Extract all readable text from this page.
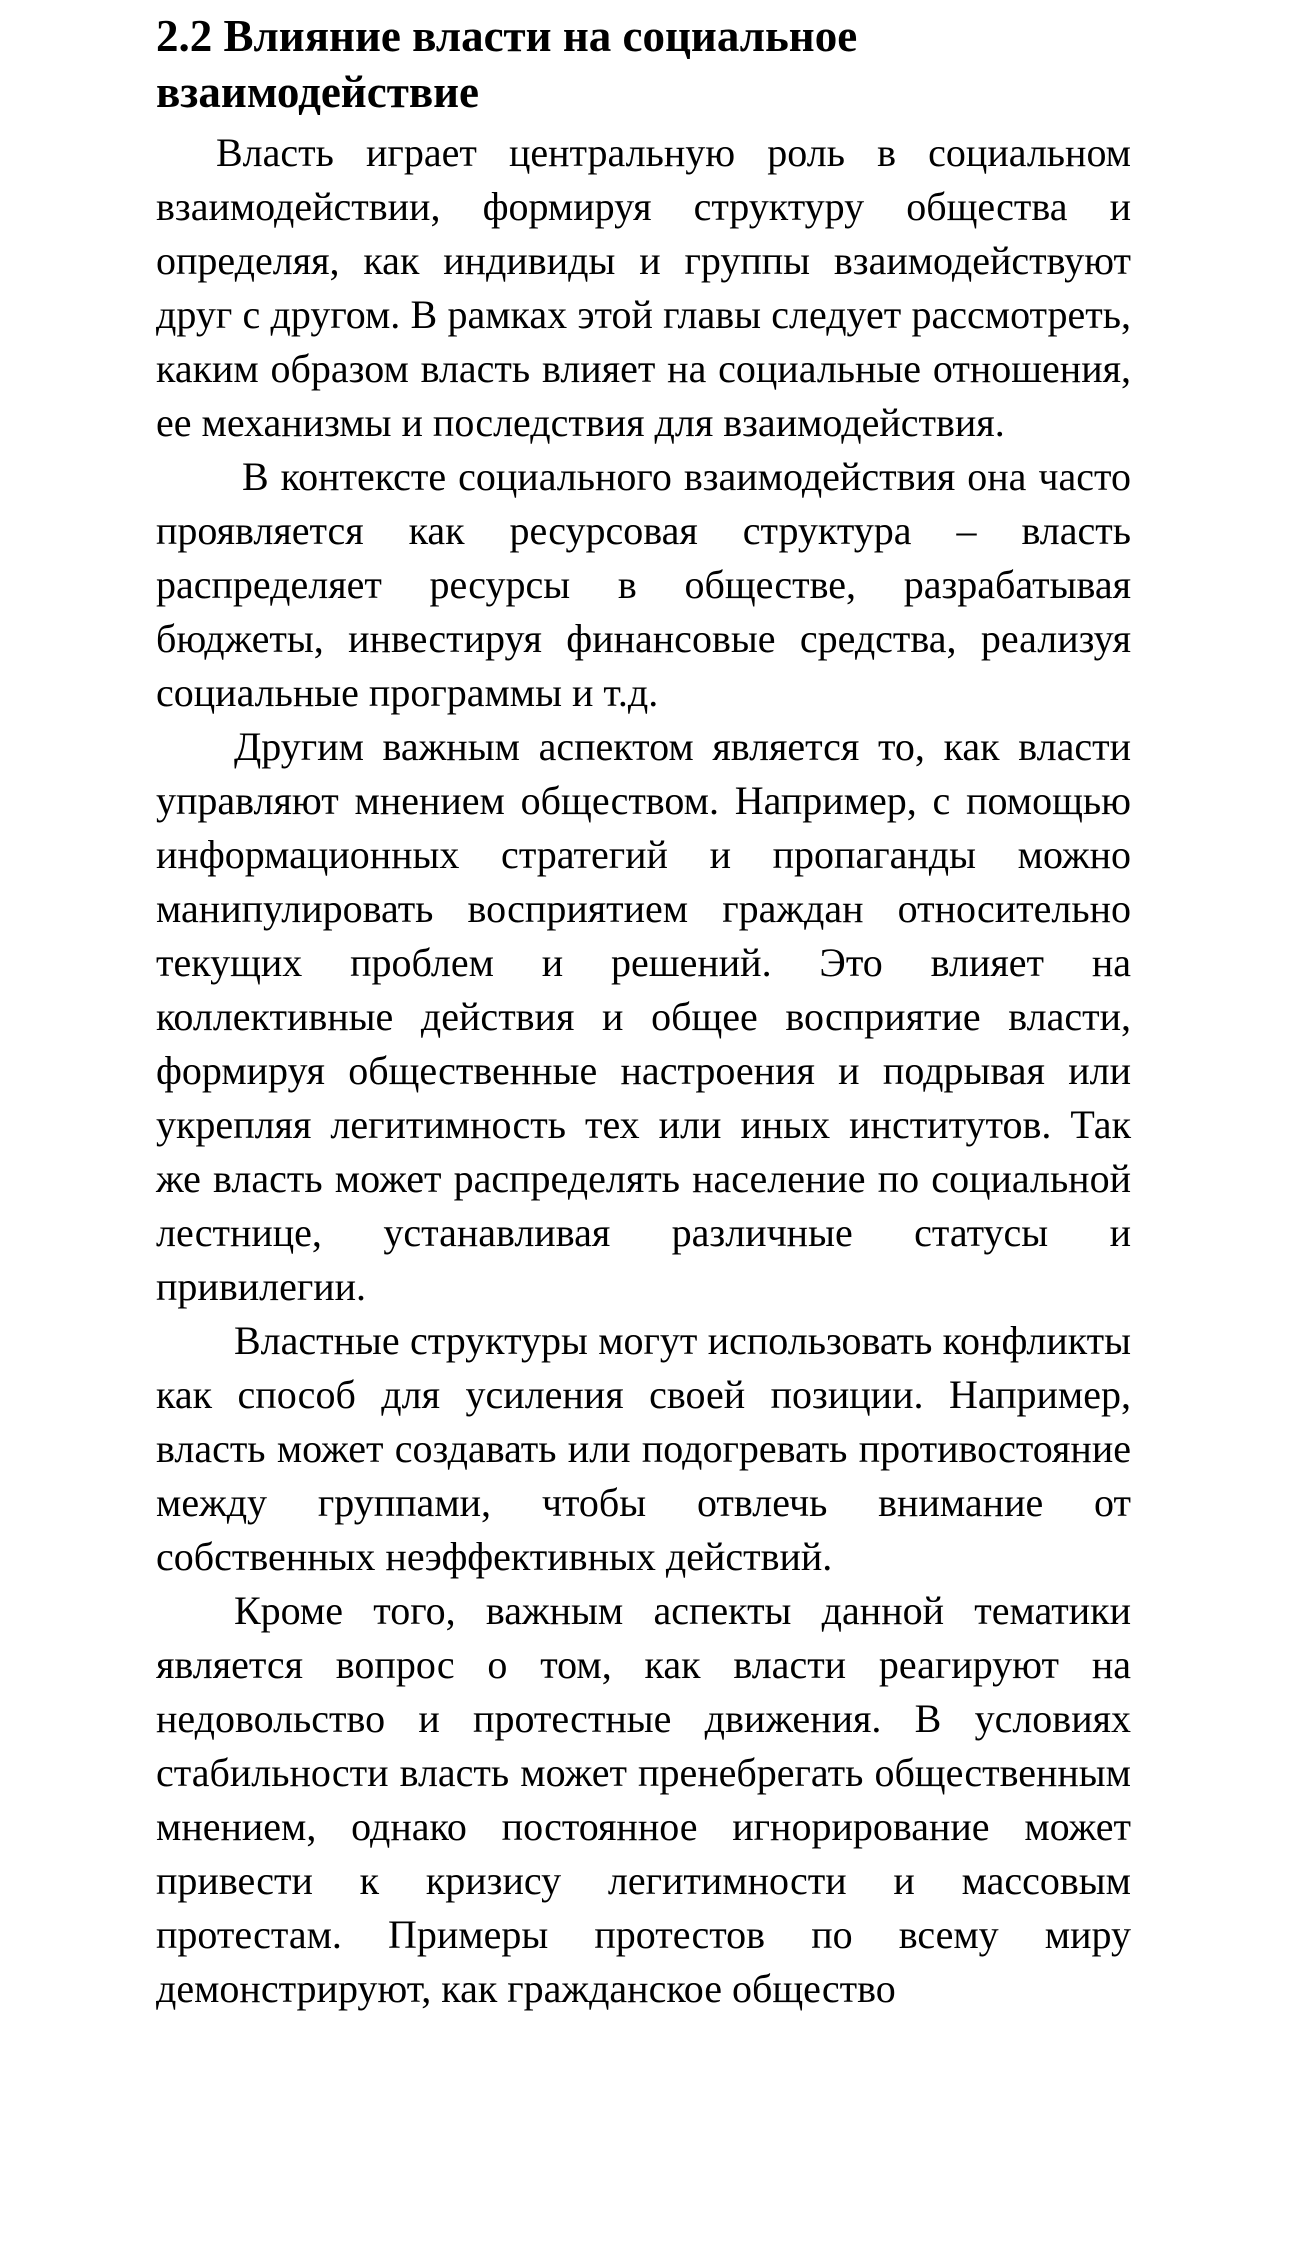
2.2 Влияние власти на социальное взаимодействие

Власть играет центральную роль в социальном взаимодействии, формируя структуру общества и определяя, как индивиды и группы взаимодействуют друг с другом. В рамках этой главы следует рассмотреть, каким образом власть влияет на социальные отношения, ее механизмы и последствия для взаимодействия.

В контексте социального взаимодействия она часто проявляется как ресурсовая структура – власть распределяет ресурсы в обществе, разрабатывая бюджеты, инвестируя финансовые средства, реализуя социальные программы и т.д.

Другим важным аспектом является то, как власти управляют мнением обществом. Например, с помощью информационных стратегий и пропаганды можно манипулировать восприятием граждан относительно текущих проблем и решений. Это влияет на коллективные действия и общее восприятие власти, формируя общественные настроения и подрывая или укрепляя легитимность тех или иных институтов. Так же власть может распределять население по социальной лестнице, устанавливая различные статусы и привилегии.

Властные структуры могут использовать конфликты как способ для усиления своей позиции. Например, власть может создавать или подогревать противостояние между группами, чтобы отвлечь внимание от собственных неэффективных действий.

Кроме того, важным аспекты данной тематики является вопрос о том, как власти реагируют на недовольство и протестные движения. В условиях стабильности власть может пренебрегать общественным мнением, однако постоянное игнорирование может привести к кризису легитимности и массовым протестам. Примеры протестов по всему миру демонстрируют, как гражданское общество
